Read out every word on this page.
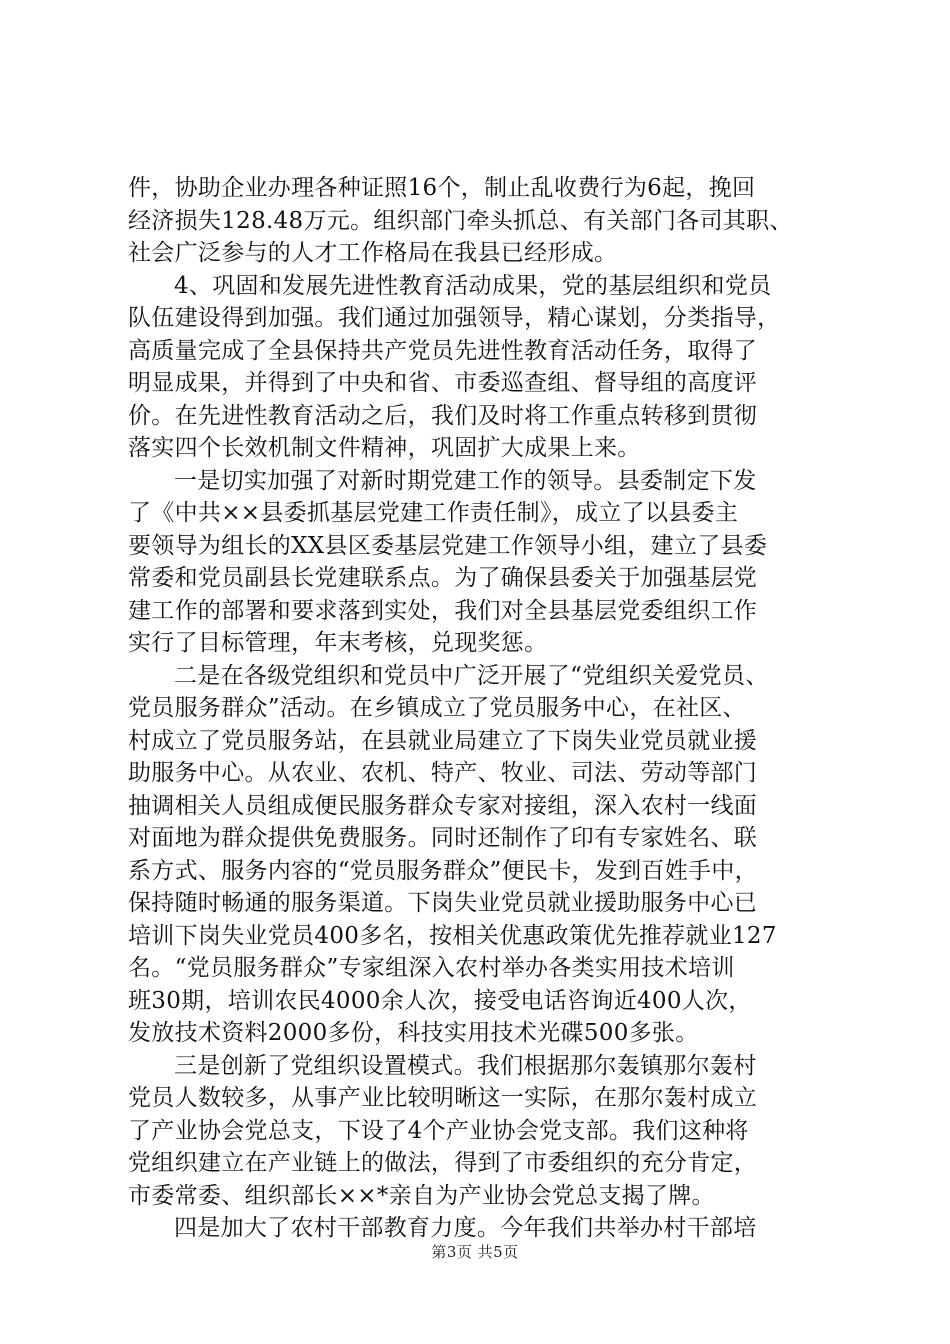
件，协助企业办理各种证照16个，制止乱收费行为6起，挽回
经济损失128.48万元。组织部门牵头抓总、有关部门各司其职、
社会广泛参与的人才工作格局在我县已经形成。
4、巩固和发展先进性教育活动成果，党的基层组织和党员
队伍建设得到加强。我们通过加强领导，精心谋划，分类指导，
高质量完成了全县保持共产党员先进性教育活动任务，取得了
明显成果，并得到了中央和省、市委巡查组、督导组的高度评
价。在先进性教育活动之后，我们及时将工作重点转移到贯彻
落实四个长效机制文件精神，巩固扩大成果上来。
一是切实加强了对新时期党建工作的领导。县委制定下发
了《中共××县委抓基层党建工作责任制》，成立了以县委主
要领导为组长的XX县区委基层党建工作领导小组，建立了县委
常委和党员副县长党建联系点。为了确保县委关于加强基层党
建工作的部署和要求落到实处，我们对全县基层党委组织工作
实行了目标管理，年末考核，兑现奖惩。
二是在各级党组织和党员中广泛开展了“党组织关爱党员、
党员服务群众”活动。在乡镇成立了党员服务中心，在社区、
村成立了党员服务站，在县就业局建立了下岗失业党员就业援
助服务中心。从农业、农机、特产、牧业、司法、劳动等部门
抽调相关人员组成便民服务群众专家对接组，深入农村一线面
对面地为群众提供免费服务。同时还制作了印有专家姓名、联
系方式、服务内容的“党员服务群众”便民卡，发到百姓手中，
保持随时畅通的服务渠道。下岗失业党员就业援助服务中心已
培训下岗失业党员400多名，按相关优惠政策优先推荐就业127
名。“党员服务群众”专家组深入农村举办各类实用技术培训
班30期，培训农民4000余人次，接受电话咨询近400人次，
发放技术资料2000多份，科技实用技术光碟500多张。
三是创新了党组织设置模式。我们根据那尔轰镇那尔轰村
党员人数较多，从事产业比较明晰这一实际，在那尔轰村成立
了产业协会党总支，下设了4个产业协会党支部。我们这种将
党组织建立在产业链上的做法，得到了市委组织的充分肯定，
市委常委、组织部长××*亲自为产业协会党总支揭了牌。
四是加大了农村干部教育力度。今年我们共举办村干部培
第3页 共5页
